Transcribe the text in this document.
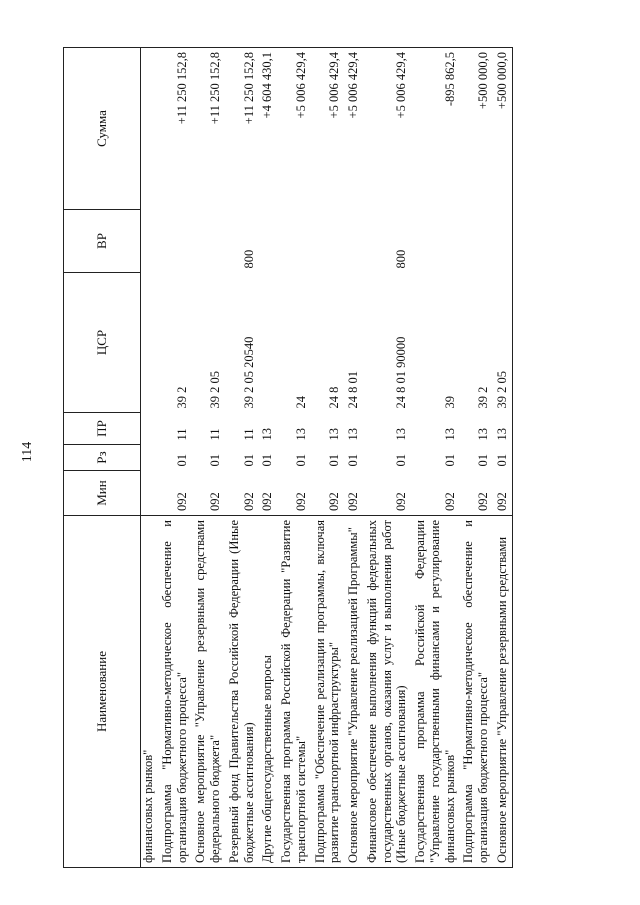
114
Наименование	Мин	Рз	ПР	ЦСР	ВР	Сумма
финансовых рынков"						
Подпрограмма "Нормативно-методическое обеспечение и организация бюджетного процесса"	092	01	11	39 2		+11 250 152,8
Основное мероприятие "Управление резервными средствами федерального бюджета"	092	01	11	39 2 05		+11 250 152,8
Резервный фонд Правительства Российской Федерации (Иные бюджетные ассигнования)	092	01	11	39 2 05 20540	800	+11 250 152,8
Другие общегосударственные вопросы	092	01	13			+4 604 430,1
Государственная программа Российской Федерации "Развитие транспортной системы"	092	01	13	24		+5 006 429,4
Подпрограмма "Обеспечение реализации программы, включая развитие транспортной инфраструктуры"	092	01	13	24 8		+5 006 429,4
Основное мероприятие "Управление реализацией Программы"	092	01	13	24 8 01		+5 006 429,4
Финансовое обеспечение выполнения функций федеральных государственных органов, оказания услуг и выполнения работ (Иные бюджетные ассигнования)	092	01	13	24 8 01 90000	800	+5 006 429,4
Государственная программа Российской Федерации "Управление государственными финансами и регулирование финансовых рынков"	092	01	13	39		-895 862,5
Подпрограмма "Нормативно-методическое обеспечение и организация бюджетного процесса"	092	01	13	39 2		+500 000,0
Основное мероприятие "Управление резервными средствами	092	01	13	39 2 05		+500 000,0
